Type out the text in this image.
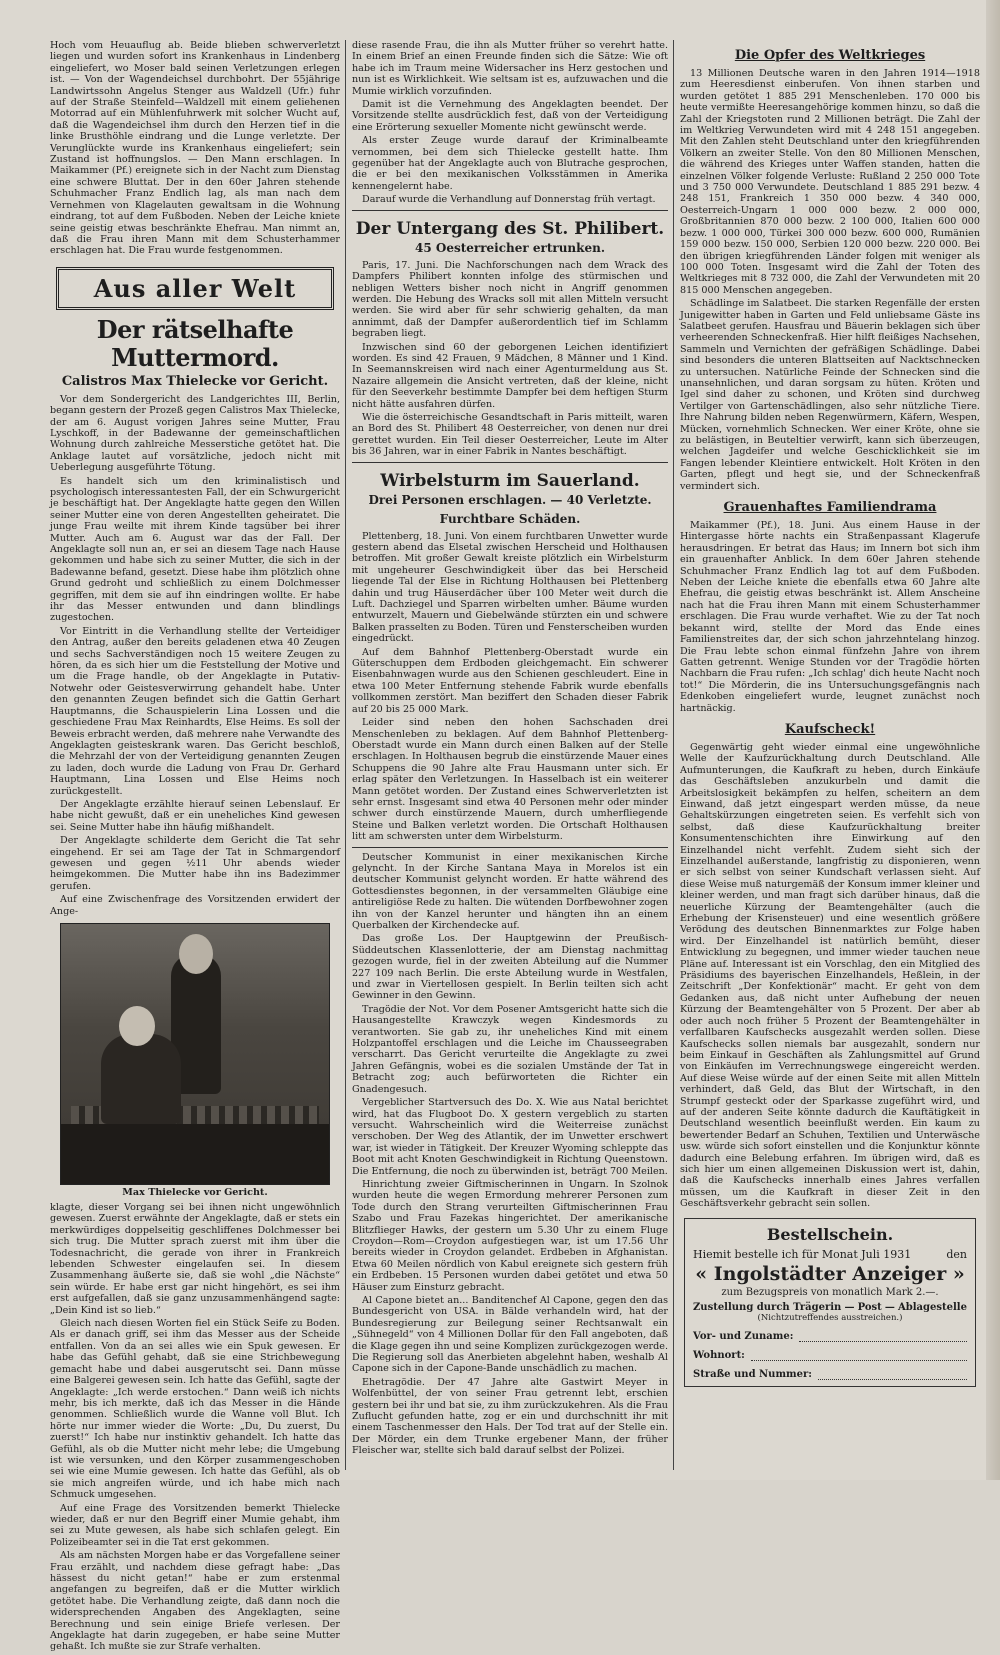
Hoch vom Heuauflug ab. Beide blieben schwerverletzt liegen und wurden sofort ins Krankenhaus in Lindenberg eingeliefert, wo Moser bald seinen Verletzungen erlegen ist. — Von der Wagendeichsel durchbohrt. Der 55jährige Landwirtssohn Angelus Stenger aus Waldzell (Ufr.) fuhr auf der Straße Steinfeld—Waldzell mit einem geliehenen Motorrad auf ein Mühlenfuhrwerk mit solcher Wucht auf, daß die Wagendeichsel ihm durch den Herzen tief in die linke Brusthöhle eindrang und die Lunge verletzte. Der Verunglückte wurde ins Krankenhaus eingeliefert; sein Zustand ist hoffnungslos. — Den Mann erschlagen. In Maikammer (Pf.) ereignete sich in der Nacht zum Dienstag eine schwere Bluttat. Der in den 60er Jahren stehende Schuhmacher Franz Endlich lag, als man nach dem Vernehmen von Klagelauten gewaltsam in die Wohnung eindrang, tot auf dem Fußboden. Neben der Leiche kniete seine geistig etwas beschränkte Ehefrau. Man nimmt an, daß die Frau ihren Mann mit dem Schusterhammer erschlagen hat. Die Frau wurde festgenommen.

Aus aller Welt
Der rätselhafte Muttermord.
Calistros Max Thielecke vor Gericht.

Vor dem Sondergericht des Landgerichtes III, Berlin, begann gestern der Prozeß gegen Calistros Max Thielecke, der am 6. August vorigen Jahres seine Mutter, Frau Lyschkoff, in der Badewanne der gemeinschaftlichen Wohnung durch zahlreiche Messerstiche getötet hat. Die Anklage lautet auf vorsätzliche, jedoch nicht mit Ueberlegung ausgeführte Tötung.

Es handelt sich um den kriminalistisch und psychologisch interessantesten Fall, der ein Schwurgericht je beschäftigt hat. Der Angeklagte hatte gegen den Willen seiner Mutter eine von deren Angestellten geheiratet. Die junge Frau weilte mit ihrem Kinde tagsüber bei ihrer Mutter. Auch am 6. August war das der Fall. Der Angeklagte soll nun an, er sei an diesem Tage nach Hause gekommen und habe sich zu seiner Mutter, die sich in der Badewanne befand, gesetzt. Diese habe ihm plötzlich ohne Grund gedroht und schließlich zu einem Dolchmesser gegriffen, mit dem sie auf ihn eindringen wollte. Er habe ihr das Messer entwunden und dann blindlings zugestochen.

Vor Eintritt in die Verhandlung stellte der Verteidiger den Antrag, außer den bereits geladenen etwa 40 Zeugen und sechs Sachverständigen noch 15 weitere Zeugen zu hören, da es sich hier um die Feststellung der Motive und um die Frage handle, ob der Angeklagte in Putativ-Notwehr oder Geistesverwirrung gehandelt habe. Unter den genannten Zeugen befindet sich die Gattin Gerhart Hauptmanns, die Schauspielerin Lina Lossen und die geschiedene Frau Max Reinhardts, Else Heims. Es soll der Beweis erbracht werden, daß mehrere nahe Verwandte des Angeklagten geisteskrank waren. Das Gericht beschloß, die Mehrzahl der von der Verteidigung genannten Zeugen zu laden, doch wurde die Ladung von Frau Dr. Gerhard Hauptmann, Lina Lossen und Else Heims noch zurückgestellt.

Der Angeklagte erzählte hierauf seinen Lebenslauf. Er habe nicht gewußt, daß er ein uneheliches Kind gewesen sei. Seine Mutter habe ihn häufig mißhandelt.

Der Angeklagte schilderte dem Gericht die Tat sehr eingehend. Er sei am Tage der Tat in Schmargendorf gewesen und gegen ½11 Uhr abends wieder heimgekommen. Die Mutter habe ihn ins Badezimmer gerufen.

Auf eine Zwischenfrage des Vorsitzenden erwidert der Ange-

Max Thielecke vor Gericht.

klagte, dieser Vorgang sei bei ihnen nicht ungewöhnlich gewesen. Zuerst erwähnte der Angeklagte, daß er stets ein merkwürdiges doppelseitig geschliffenes Dolchmesser bei sich trug. Die Mutter sprach zuerst mit ihm über die Todesnachricht, die gerade von ihrer in Frankreich lebenden Schwester eingelaufen sei. In diesem Zusammenhang äußerte sie, daß sie wohl „die Nächste“ sein würde. Er habe erst gar nicht hingehört, es sei ihm erst aufgefallen, daß sie ganz unzusammenhängend sagte: „Dein Kind ist so lieb.“

Gleich nach diesen Worten fiel ein Stück Seife zu Boden. Als er danach griff, sei ihm das Messer aus der Scheide entfallen. Von da an sei alles wie ein Spuk gewesen. Er habe das Gefühl gehabt, daß sie eine Strichbewegung gemacht habe und dabei ausgerutscht sei. Dann müsse eine Balgerei gewesen sein. Ich hatte das Gefühl, sagte der Angeklagte: „Ich werde erstochen.“ Dann weiß ich nichts mehr, bis ich merkte, daß ich das Messer in die Hände genommen. Schließlich wurde die Wanne voll Blut. Ich hörte nur immer wieder die Worte: „Du, Du zuerst, Du zuerst!“ Ich habe nur instinktiv gehandelt. Ich hatte das Gefühl, als ob die Mutter nicht mehr lebe; die Umgebung ist wie versunken, und den Körper zusammengeschoben sei wie eine Mumie gewesen. Ich hatte das Gefühl, als ob sie mich angreifen würde, und ich habe mich nach Schmuck umgesehen.

Auf eine Frage des Vorsitzenden bemerkt Thielecke wieder, daß er nur den Begriff einer Mumie gehabt, ihm sei zu Mute gewesen, als habe sich schlafen gelegt. Ein Polizeibeamter sei in die Tat erst gekommen.

Als am nächsten Morgen habe er das Vorgefallene seiner Frau erzählt, und nachdem diese gefragt habe: „Das hässest du nicht getan!“ habe er zum erstenmal angefangen zu begreifen, daß er die Mutter wirklich getötet habe. Die Verhandlung zeigte, daß dann noch die widersprechenden Angaben des Angeklagten, seine Berechnung und sein einige Briefe verlesen. Der Angeklagte hat darin zugegeben, er habe seine Mutter gehaßt. Ich mußte sie zur Strafe verhalten.

diese rasende Frau, die ihn als Mutter früher so verehrt hatte. In einem Brief an einen Freunde finden sich die Sätze: Wie oft habe ich im Traum meine Widersacher ins Herz gestochen und nun ist es Wirklichkeit. Wie seltsam ist es, aufzuwachen und die Mumie wirklich vorzufinden.

Damit ist die Vernehmung des Angeklagten beendet. Der Vorsitzende stellte ausdrücklich fest, daß von der Verteidigung eine Erörterung sexueller Momente nicht gewünscht werde.

Als erster Zeuge wurde darauf der Kriminalbeamte vernommen, bei dem sich Thielecke gestellt hatte. Ihm gegenüber hat der Angeklagte auch von Blutrache gesprochen, die er bei den mexikanischen Volksstämmen in Amerika kennengelernt habe.

Darauf wurde die Verhandlung auf Donnerstag früh vertagt.

Der Untergang des St. Philibert.
45 Oesterreicher ertrunken.

Paris, 17. Juni. Die Nachforschungen nach dem Wrack des Dampfers Philibert konnten infolge des stürmischen und nebligen Wetters bisher noch nicht in Angriff genommen werden. Die Hebung des Wracks soll mit allen Mitteln versucht werden. Sie wird aber für sehr schwierig gehalten, da man annimmt, daß der Dampfer außerordentlich tief im Schlamm begraben liegt.

Inzwischen sind 60 der geborgenen Leichen identifiziert worden. Es sind 42 Frauen, 9 Mädchen, 8 Männer und 1 Kind. In Seemannskreisen wird nach einer Agenturmeldung aus St. Nazaire allgemein die Ansicht vertreten, daß der kleine, nicht für den Seeverkehr bestimmte Dampfer bei dem heftigen Sturm nicht hätte ausfahren dürfen.

Wie die österreichische Gesandtschaft in Paris mitteilt, waren an Bord des St. Philibert 48 Oesterreicher, von denen nur drei gerettet wurden. Ein Teil dieser Oesterreicher, Leute im Alter bis 36 Jahren, war in einer Fabrik in Nantes beschäftigt.

Wirbelsturm im Sauerland.
Drei Personen erschlagen. — 40 Verletzte.
Furchtbare Schäden.

Plettenberg, 18. Juni. Von einem furchtbaren Unwetter wurde gestern abend das Elsetal zwischen Herscheid und Holthausen betroffen. Mit großer Gewalt kreiste plötzlich ein Wirbelsturm mit ungeheurer Geschwindigkeit über das bei Herscheid liegende Tal der Else in Richtung Holthausen bei Plettenberg dahin und trug Häuserdächer über 100 Meter weit durch die Luft. Dachziegel und Sparren wirbelten umher. Bäume wurden entwurzelt, Mauern und Giebelwände stürzten ein und schwere Balken prasselten zu Boden. Türen und Fensterscheiben wurden eingedrückt.

Auf dem Bahnhof Plettenberg-Oberstadt wurde ein Güterschuppen dem Erdboden gleichgemacht. Ein schwerer Eisenbahnwagen wurde aus den Schienen geschleudert. Eine in etwa 100 Meter Entfernung stehende Fabrik wurde ebenfalls vollkommen zerstört. Man beziffert den Schaden dieser Fabrik auf 20 bis 25 000 Mark.

Leider sind neben den hohen Sachschaden drei Menschenleben zu beklagen. Auf dem Bahnhof Plettenberg-Oberstadt wurde ein Mann durch einen Balken auf der Stelle erschlagen. In Holthausen begrub die einstürzende Mauer eines Schuppens die 90 Jahre alte Frau Hausmann unter sich. Er erlag später den Verletzungen. In Hasselbach ist ein weiterer Mann getötet worden. Der Zustand eines Schwerverletzten ist sehr ernst. Insgesamt sind etwa 40 Personen mehr oder minder schwer durch einstürzende Mauern, durch umherfliegende Steine und Balken verletzt worden. Die Ortschaft Holthausen litt am schwersten unter dem Wirbelsturm.

Deutscher Kommunist in einer mexikanischen Kirche gelyncht. In der Kirche Santana Maya in Morelos ist ein deutscher Kommunist gelyncht worden. Er hatte während des Gottesdienstes begonnen, in der versammelten Gläubige eine antireligiöse Rede zu halten. Die wütenden Dorfbewohner zogen ihn von der Kanzel herunter und hängten ihn an einem Querbalken der Kirchendecke auf.

Das große Los. Der Hauptgewinn der Preußisch-Süddeutschen Klassenlotterie, der am Dienstag nachmittag gezogen wurde, fiel in der zweiten Abteilung auf die Nummer 227 109 nach Berlin. Die erste Abteilung wurde in Westfalen, und zwar in Viertellosen gespielt. In Berlin teilten sich acht Gewinner in den Gewinn.

Tragödie der Not. Vor dem Posener Amtsgericht hatte sich die Hausangestellte Krawczyk wegen Kindesmords zu verantworten. Sie gab zu, ihr uneheliches Kind mit einem Holzpantoffel erschlagen und die Leiche im Chausseegraben verscharrt. Das Gericht verurteilte die Angeklagte zu zwei Jahren Gefängnis, wobei es die sozialen Umstände der Tat in Betracht zog; auch befürworteten die Richter ein Gnadengesuch.

Vergeblicher Startversuch des Do. X. Wie aus Natal berichtet wird, hat das Flugboot Do. X gestern vergeblich zu starten versucht. Wahrscheinlich wird die Weiterreise zunächst verschoben. Der Weg des Atlantik, der im Unwetter erschwert war, ist wieder in Tätigkeit. Der Kreuzer Wyoming schleppte das Boot mit acht Knoten Geschwindigkeit in Richtung Queenstown. Die Entfernung, die noch zu überwinden ist, beträgt 700 Meilen.

Hinrichtung zweier Giftmischerinnen in Ungarn. In Szolnok wurden heute die wegen Ermordung mehrerer Personen zum Tode durch den Strang verurteilten Giftmischerinnen Frau Szabo und Frau Fazekas hingerichtet. Der amerikanische Blitzflieger Hawks, der gestern um 5.30 Uhr zu einem Fluge Croydon—Rom—Croydon aufgestiegen war, ist um 17.56 Uhr bereits wieder in Croydon gelandet. Erdbeben in Afghanistan. Etwa 60 Meilen nördlich von Kabul ereignete sich gestern früh ein Erdbeben. 15 Personen wurden dabei getötet und etwa 50 Häuser zum Einsturz gebracht.

Al Capone bietet an... Banditenchef Al Capone, gegen den das Bundesgericht von USA. in Bälde verhandeln wird, hat der Bundesregierung zur Beilegung seiner Rechtsanwalt ein „Sühnegeld“ von 4 Millionen Dollar für den Fall angeboten, daß die Klage gegen ihn und seine Komplizen zurückgezogen werde. Die Regierung soll das Anerbieten abgelehnt haben, weshalb Al Capone sich in der Capone-Bande unschädlich zu machen.

Ehetragödie. Der 47 Jahre alte Gastwirt Meyer in Wolfenbüttel, der von seiner Frau getrennt lebt, erschien gestern bei ihr und bat sie, zu ihm zurückzukehren. Als die Frau Zuflucht gefunden hatte, zog er ein und durchschnitt ihr mit einem Taschenmesser den Hals. Der Tod trat auf der Stelle ein. Der Mörder, ein dem Trunke ergebener Mann, der früher Fleischer war, stellte sich bald darauf selbst der Polizei.

Die Opfer des Weltkrieges

13 Millionen Deutsche waren in den Jahren 1914—1918 zum Heeresdienst einberufen. Von ihnen starben und wurden getötet 1 885 291 Menschenleben. 170 000 bis heute vermißte Heeresangehörige kommen hinzu, so daß die Zahl der Kriegstoten rund 2 Millionen beträgt. Die Zahl der im Weltkrieg Verwundeten wird mit 4 248 151 angegeben. Mit den Zahlen steht Deutschland unter den kriegführenden Völkern an zweiter Stelle. Von den 80 Millionen Menschen, die während des Krieges unter Waffen standen, hatten die einzelnen Völker folgende Verluste: Rußland 2 250 000 Tote und 3 750 000 Verwundete. Deutschland 1 885 291 bezw. 4 248 151, Frankreich 1 350 000 bezw. 4 340 000, Oesterreich-Ungarn 1 000 000 bezw. 2 000 000, Großbritannien 870 000 bezw. 2 100 000, Italien 600 000 bezw. 1 000 000, Türkei 300 000 bezw. 600 000, Rumänien 159 000 bezw. 150 000, Serbien 120 000 bezw. 220 000. Bei den übrigen kriegführenden Länder folgen mit weniger als 100 000 Toten. Insgesamt wird die Zahl der Toten des Weltkrieges mit 8 732 000, die Zahl der Verwundeten mit 20 815 000 Menschen angegeben.

Schädlinge im Salatbeet. Die starken Regenfälle der ersten Junigewitter haben in Garten und Feld unliebsame Gäste ins Salatbeet gerufen. Hausfrau und Bäuerin beklagen sich über verheerenden Schneckenfraß. Hier hilft fleißiges Nachsehen, Sammeln und Vernichten der gefräßigen Schädlinge. Dabei sind besonders die unteren Blattseiten auf Nacktschnecken zu untersuchen. Natürliche Feinde der Schnecken sind die unansehnlichen, und daran sorgsam zu hüten. Kröten und Igel sind daher zu schonen, und Kröten sind durchweg Vertilger von Gartenschädlingen, also sehr nützliche Tiere. Ihre Nahrung bilden neben Regenwürmern, Käfern, Wespen, Mücken, vornehmlich Schnecken. Wer einer Kröte, ohne sie zu belästigen, in Beuteltier verwirft, kann sich überzeugen, welchen Jagdeifer und welche Geschicklichkeit sie im Fangen lebender Kleintiere entwickelt. Holt Kröten in den Garten, pflegt und hegt sie, und der Schneckenfraß vermindert sich.

Grauenhaftes Familiendrama

Maikammer (Pf.), 18. Juni. Aus einem Hause in der Hintergasse hörte nachts ein Straßenpassant Klagerufe herausdringen. Er betrat das Haus; im Innern bot sich ihm ein grauenhafter Anblick. In dem 60er Jahren stehende Schuhmacher Franz Endlich lag tot auf dem Fußboden. Neben der Leiche kniete die ebenfalls etwa 60 Jahre alte Ehefrau, die geistig etwas beschränkt ist. Allem Anscheine nach hat die Frau ihren Mann mit einem Schusterhammer erschlagen. Die Frau wurde verhaftet. Wie zu der Tat noch bekannt wird, stellte der Mord das Ende eines Familienstreites dar, der sich schon jahrzehntelang hinzog. Die Frau lebte schon einmal fünfzehn Jahre von ihrem Gatten getrennt. Wenige Stunden vor der Tragödie hörten Nachbarn die Frau rufen: „Ich schlag' dich heute Nacht noch tot!“ Die Mörderin, die ins Untersuchungsgefängnis nach Edenkoben eingeliefert wurde, leugnet zunächst noch hartnäckig.

Kaufscheck!

Gegenwärtig geht wieder einmal eine ungewöhnliche Welle der Kaufzurückhaltung durch Deutschland. Alle Aufmunterungen, die Kaufkraft zu heben, durch Einkäufe das Geschäftsleben anzukurbeln und damit die Arbeitslosigkeit bekämpfen zu helfen, scheitern an dem Einwand, daß jetzt eingespart werden müsse, da neue Gehaltskürzungen eingetreten seien. Es verfehlt sich von selbst, daß diese Kaufzurückhaltung breiter Konsumentenschichten ihre Einwirkung auf den Einzelhandel nicht verfehlt. Zudem sieht sich der Einzelhandel außerstande, langfristig zu disponieren, wenn er sich selbst von seiner Kundschaft verlassen sieht. Auf diese Weise muß naturgemäß der Konsum immer kleiner und kleiner werden, und man fragt sich darüber hinaus, daß die neuerliche Kürzung der Beamtengehälter (auch die Erhebung der Krisensteuer) und eine wesentlich größere Verödung des deutschen Binnenmarktes zur Folge haben wird. Der Einzelhandel ist natürlich bemüht, dieser Entwicklung zu begegnen, und immer wieder tauchen neue Pläne auf. Interessant ist ein Vorschlag, den ein Mitglied des Präsidiums des bayerischen Einzelhandels, Heßlein, in der Zeitschrift „Der Konfektionär“ macht. Er geht von dem Gedanken aus, daß nicht unter Aufhebung der neuen Kürzung der Beamtengehälter von 5 Prozent. Der aber ab oder auch noch früher 5 Prozent der Beamtengehälter in verfallbaren Kaufschecks ausgezahlt werden sollen. Diese Kaufschecks sollen niemals bar ausgezahlt, sondern nur beim Einkauf in Geschäften als Zahlungsmittel auf Grund von Einkäufen im Verrechnungswege eingereicht werden. Auf diese Weise würde auf der einen Seite mit allen Mitteln verhindert, daß Geld, das Blut der Wirtschaft, in den Strumpf gesteckt oder der Sparkasse zugeführt wird, und auf der anderen Seite könnte dadurch die Kauftätigkeit in Deutschland wesentlich beeinflußt werden. Ein kaum zu bewertender Bedarf an Schuhen, Textilien und Unterwäsche usw. würde sich sofort einstellen und die Konjunktur könnte dadurch eine Belebung erfahren. Im übrigen wird, daß es sich hier um einen allgemeinen Diskussion wert ist, dahin, daß die Kaufschecks innerhalb eines Jahres verfallen müssen, um die Kaufkraft in dieser Zeit in den Geschäftsverkehr gebracht sein sollen.

Bestellschein.
Hiemit bestelle ich für Monat Juli 1931	den
« Ingolstädter Anzeiger »
zum Bezugspreis von monatlich Mark 2.—.
Zustellung durch Trägerin — Post — Ablagestelle
(Nichtzutreffendes ausstreichen.)
Vor- und Zuname:
Wohnort:
Straße und Nummer:
